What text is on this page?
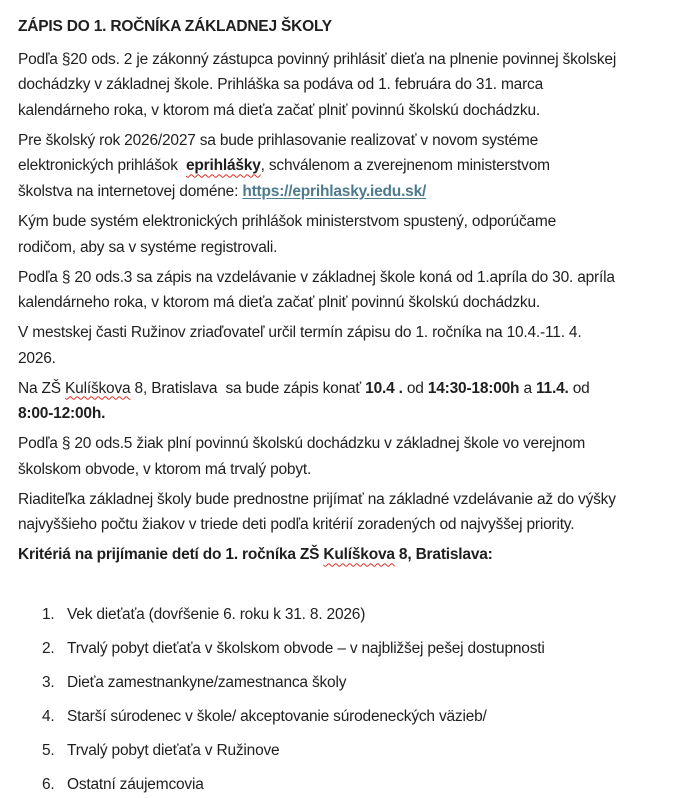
ZÁPIS DO 1. ROČNÍKA ZÁKLADNEJ ŠKOLY
Podľa §20 ods. 2 je zákonný zástupca povinný prihlásiť dieťa na plnenie povinnej školskej
dochádzky v základnej škole. Prihláška sa podáva od 1. februára do 31. marca
kalendárneho roka, v ktorom má dieťa začať plniť povinnú školskú dochádzku.
Pre školský rok 2026/2027 sa bude prihlasovanie realizovať v novom systéme
elektronických prihlášok  eprihlášky, schválenom a zverejnenom ministerstvom
školstva na internetovej doméne: https://eprihlasky.iedu.sk/
Kým bude systém elektronických prihlášok ministerstvom spustený, odporúčame
rodičom, aby sa v systéme registrovali.
Podľa § 20 ods.3 sa zápis na vzdelávanie v základnej škole koná od 1.apríla do 30. apríla
kalendárneho roka, v ktorom má dieťa začať plniť povinnú školskú dochádzku.
V mestskej časti Ružinov zriaďovateľ určil termín zápisu do 1. ročníka na 10.4.-11. 4.
2026.
Na ZŠ Kulíškova 8, Bratislava  sa bude zápis konať 10.4 . od 14:30-18:00h a 11.4. od
8:00-12:00h.
Podľa § 20 ods.5 žiak plní povinnú školskú dochádzku v základnej škole vo verejnom
školskom obvode, v ktorom má trvalý pobyt.
Riaditeľka základnej školy bude prednostne prijímať na základné vzdelávanie až do výšky
najvyššieho počtu žiakov v triede deti podľa kritérií zoradených od najvyššej priority.
Kritériá na prijímanie detí do 1. ročníka ZŠ Kulíškova 8, Bratislava:
1. Vek dieťaťa (dovŕšenie 6. roku k 31. 8. 2026)
2. Trvalý pobyt dieťaťa v školskom obvode – v najbližšej pešej dostupnosti
3. Dieťa zamestnankyne/zamestnanca školy
4. Starší súrodenec v škole/ akceptovanie súrodeneckých väzieb/
5. Trvalý pobyt dieťaťa v Ružinove
6. Ostatní záujemcovia
